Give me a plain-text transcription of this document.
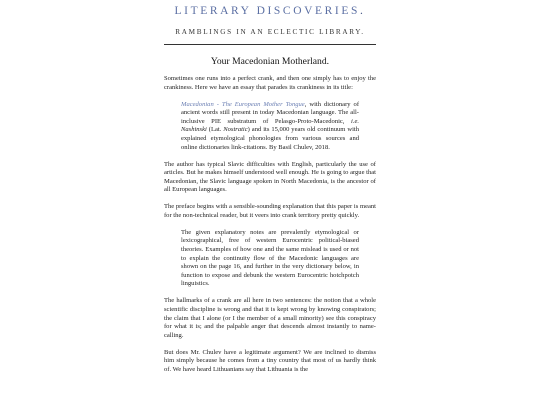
LITERARY DISCOVERIES.
RAMBLINGS IN AN ECLECTIC LIBRARY.
Your Macedonian Motherland.

Sometimes one runs into a perfect crank, and then one simply has to enjoy the crankiness. Here we have an essay that parades its crankiness in its title:

Macedonian - The European Mother Tongue, with dictionary of ancient words still present in today Macedonian language. The all-inclusive PIE substratum of Pelasgo-Proto-Macedonic, i.e. Nashinski (Lat. Nostratic) and its 15,000 years old continuum with explained etymological phonologies from various sources and online dictionaries link-citations. By Basil Chulev, 2018.

The author has typical Slavic difficulties with English, particularly the use of articles. But he makes himself understood well enough. He is going to argue that Macedonian, the Slavic language spoken in North Macedonia, is the ancestor of all European languages.

The preface begins with a sensible-sounding explanation that this paper is meant for the non-technical reader, but it veers into crank territory pretty quickly.

The given explanatory notes are prevalently etymological or lexicographical, free of western Eurocentric political-biased theories. Examples of how one and the same mislead is used or not to explain the continuity flow of the Macedonic languages are shown on the page 16, and further in the very dictionary below, in function to expose and debunk the western Eurocentric hotchpotch linguistics.

The hallmarks of a crank are all here in two sentences: the notion that a whole scientific discipline is wrong and that it is kept wrong by knowing conspirators; the claim that I alone (or I the member of a small minority) see this conspiracy for what it is; and the palpable anger that descends almost instantly to name-calling.

But does Mr. Chulev have a legitimate argument? We are inclined to dismiss him simply because he comes from a tiny country that most of us hardly think of. We have heard Lithuanians say that Lithuania is the
